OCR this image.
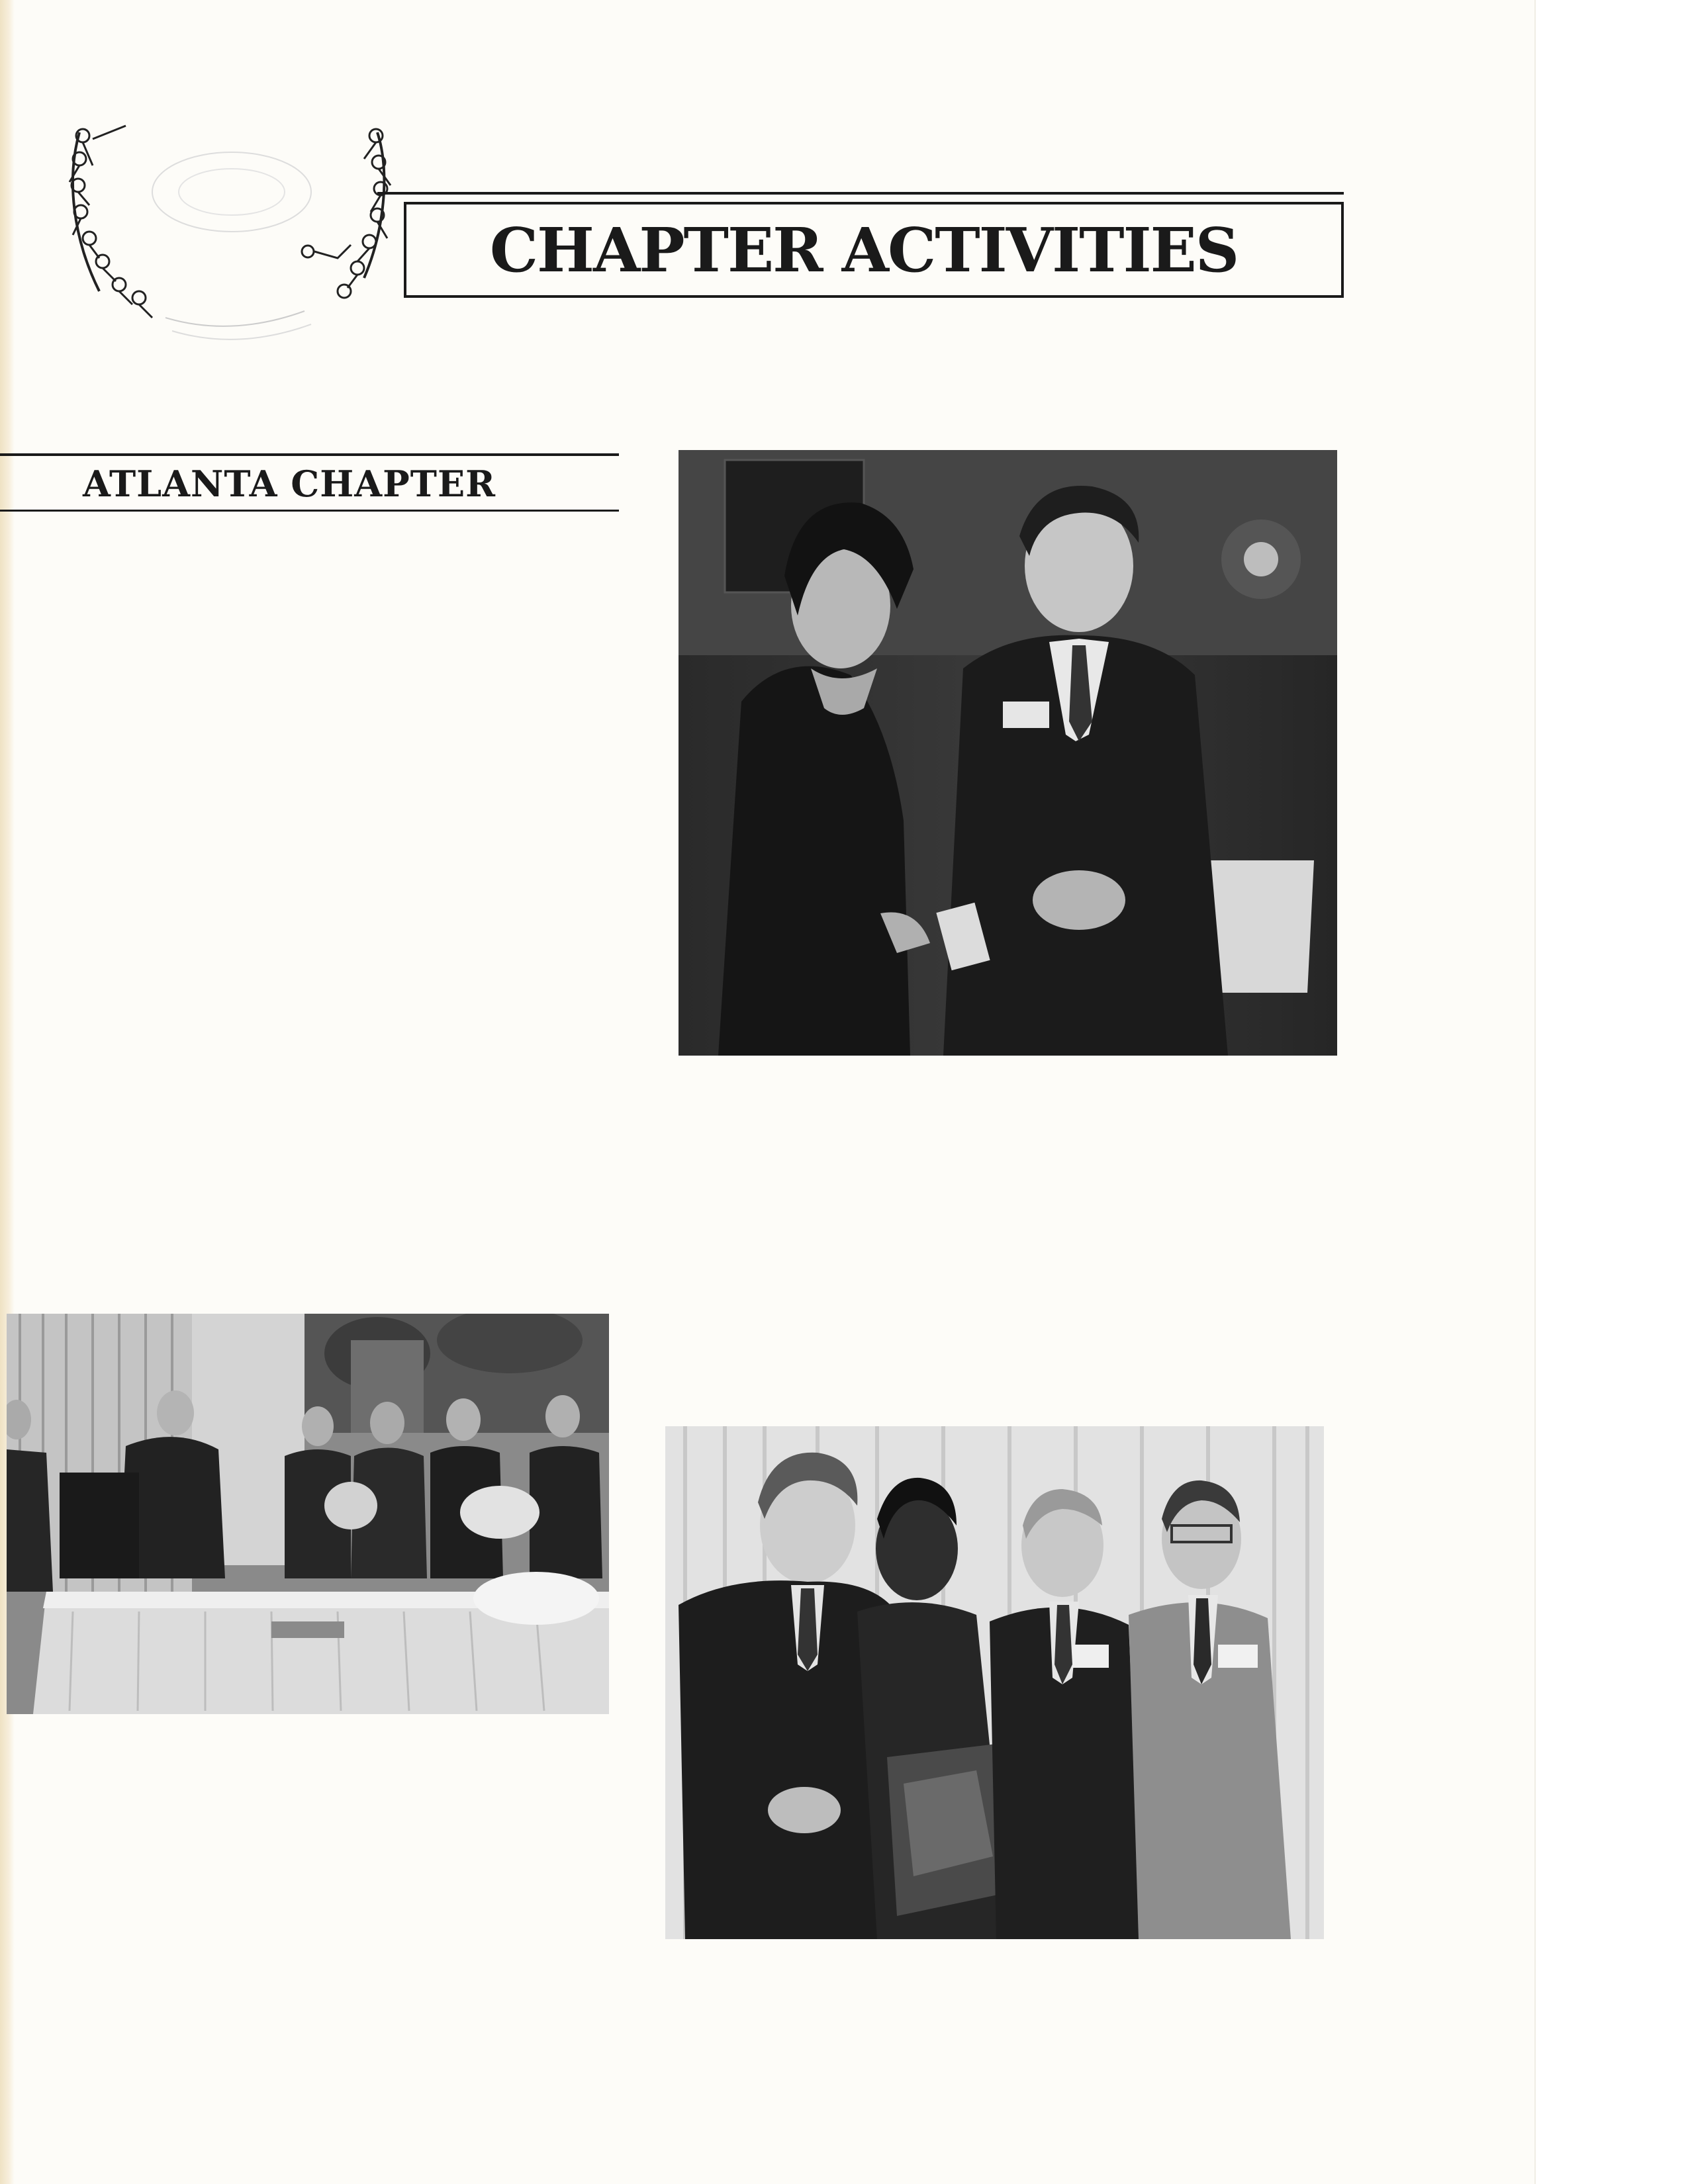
CHAPTER ACTIVITIES
ATLANTA CHAPTER
